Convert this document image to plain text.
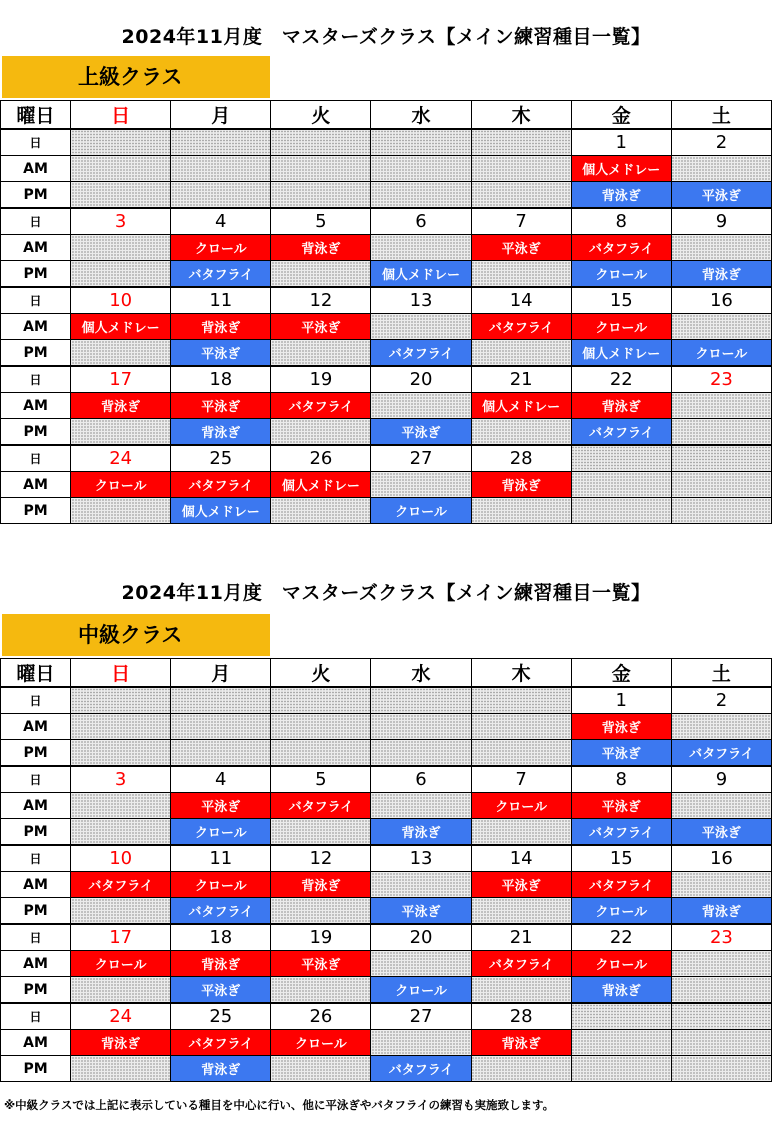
2024年11月度　マスターズクラス【メイン練習種目一覧】
上級クラス
曜日	日	月	火	水	木	金	土
日						1	2
AM						個人メドレー	
PM						背泳ぎ	平泳ぎ
日	3	4	5	6	7	8	9
AM		クロール	背泳ぎ		平泳ぎ	バタフライ	
PM		バタフライ		個人メドレー		クロール	背泳ぎ
日	10	11	12	13	14	15	16
AM	個人メドレー	背泳ぎ	平泳ぎ		バタフライ	クロール	
PM		平泳ぎ		バタフライ		個人メドレー	クロール
日	17	18	19	20	21	22	23
AM	背泳ぎ	平泳ぎ	バタフライ		個人メドレー	背泳ぎ	
PM		背泳ぎ		平泳ぎ		バタフライ	
日	24	25	26	27	28		
AM	クロール	バタフライ	個人メドレー		背泳ぎ		
PM		個人メドレー		クロール			
2024年11月度　マスターズクラス【メイン練習種目一覧】
中級クラス
曜日	日	月	火	水	木	金	土
日						1	2
AM						背泳ぎ	
PM						平泳ぎ	バタフライ
日	3	4	5	6	7	8	9
AM		平泳ぎ	バタフライ		クロール	平泳ぎ	
PM		クロール		背泳ぎ		バタフライ	平泳ぎ
日	10	11	12	13	14	15	16
AM	バタフライ	クロール	背泳ぎ		平泳ぎ	バタフライ	
PM		バタフライ		平泳ぎ		クロール	背泳ぎ
日	17	18	19	20	21	22	23
AM	クロール	背泳ぎ	平泳ぎ		バタフライ	クロール	
PM		平泳ぎ		クロール		背泳ぎ	
日	24	25	26	27	28		
AM	背泳ぎ	バタフライ	クロール		背泳ぎ		
PM		背泳ぎ		バタフライ			
※中級クラスでは上記に表示している種目を中心に行い、他に平泳ぎやバタフライの練習も実施致します。
